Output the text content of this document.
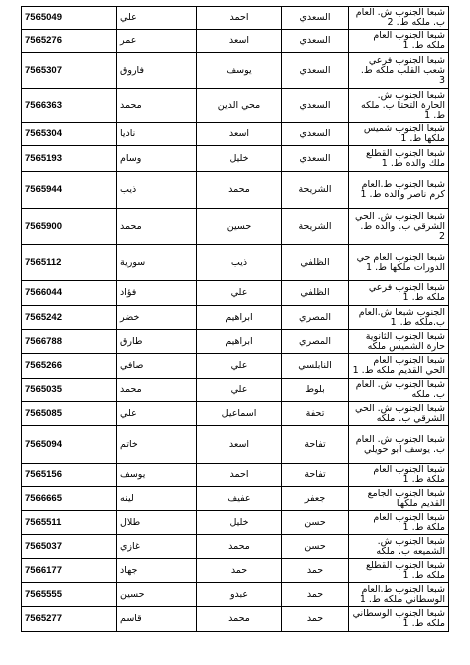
7565049	علي	احمد	السعدي	شبعا الجنوب ش. العام ب. ملكه ط. 2
7565276	عمر	اسعد	السعدي	شبعا الجنوب العام ملكه ط. 1
7565307	فاروق	يوسف	السعدي	شبعا الجنوب فرعي شعب القلب ملكه ط. 3
7566363	محمد	محي الدين	السعدي	شبعا الجنوب ش. الحارة التحتا ب. ملكه ط. 1
7565304	ناديا	اسعد	السعدي	شبعا الجنوب شميس ملكها ط. 1
7565193	وسام	خليل	السعدي	شبعا الجنوب القطلع ملك والده ط. 1
7565944	ذيب	محمد	الشريحة	شبعا الجنوب ط.العام كرم ناصر والده ط. 1
7565900	محمد	حسين	الشريحة	شبعا الجنوب ش. الحي الشرقي ب. والده ط. 2
7565112	سورية	ذيب	الظلفي	شبعا الجنوب العام حي الدورات ملكها ط. 1
7566044	فؤاد	علي	الظلفي	شبعا الجنوب فرعي ملكه ط. 1
7565242	خضر	ابراهيم	المصري	الجنوب شبعا ش.العام ب.ملكه ط. 1
7566788	طارق	ابراهيم	المصري	شبعا الجنوب الثانوية حارة الشميس ملكه
7565266	صافي	علي	النابلسي	شبعا الجنوب العام الحي القديم ملكه ط. 1
7565035	محمد	علي	بلوط	شبعا الجنوب ش. العام ب. ملكه
7565085	علي	اسماعيل	تحفة	شبعا الجنوب ش. الحي الشرقي ب. ملكه
7565094	خاتم	اسعد	تفاحة	شبعا الجنوب ش. العام ب. يوسف ابو حويلي
7565156	يوسف	احمد	تفاحة	شبعا الجنوب العام ملكة ط. 1
7566665	لينه	عفيف	جعفر	شبعا الجنوب الجامع القديم ملكها
7565511	طلال	خليل	حسن	شبعا الجنوب العام ملكة ط. 1
7565037	غازي	محمد	حسن	شبعا الجنوب ش. الشميعه ب. ملكه
7566177	جهاد	حمد	حمد	شبعا الجنوب القطلع ملكه ط. 1
7565555	حسين	عبدو	حمد	شبعا الجنوب ط.العام الوسطاني ملكه ط. 1
7565277	قاسم	محمد	حمد	شبعا الجنوب الوسطاني ملكه ط. 1
